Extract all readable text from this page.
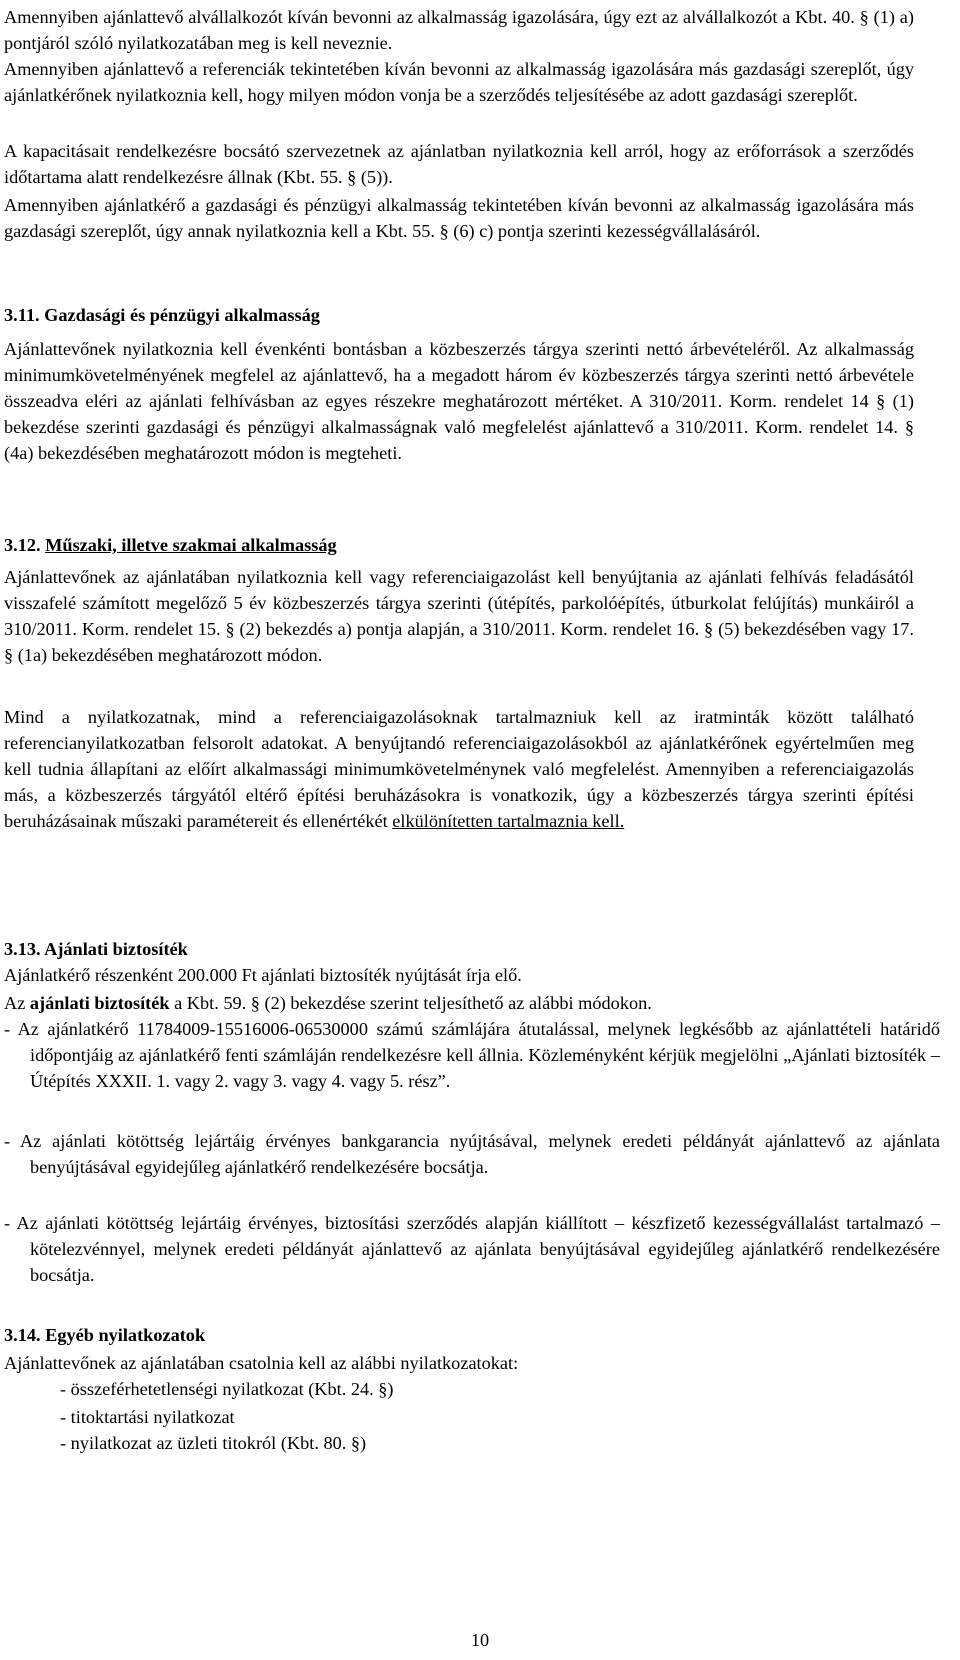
Amennyiben ajánlattevő alvállalkozót kíván bevonni az alkalmasság igazolására, úgy ezt az alvállalkozót a Kbt. 40. § (1) a) pontjáról szóló nyilatkozatában meg is kell neveznie.

Amennyiben ajánlattevő a referenciák tekintetében kíván bevonni az alkalmasság igazolására más gazdasági szereplőt, úgy ajánlatkérőnek nyilatkoznia kell, hogy milyen módon vonja be a szerződés teljesítésébe az adott gazdasági szereplőt.

A kapacitásait rendelkezésre bocsátó szervezetnek az ajánlatban nyilatkoznia kell arról, hogy az erőforrások a szerződés időtartama alatt rendelkezésre állnak (Kbt. 55. § (5)).

Amennyiben ajánlatkérő a gazdasági és pénzügyi alkalmasság tekintetében kíván bevonni az alkalmasság igazolására más gazdasági szereplőt, úgy annak nyilatkoznia kell a Kbt. 55. § (6) c) pontja szerinti kezességvállalásáról.

3.11. Gazdasági és pénzügyi alkalmasság

Ajánlattevőnek nyilatkoznia kell évenkénti bontásban a közbeszerzés tárgya szerinti nettó árbevételéről. Az alkalmasság minimumkövetelményének megfelel az ajánlattevő, ha a megadott három év közbeszerzés tárgya szerinti nettó árbevétele összeadva eléri az ajánlati felhívásban az egyes részekre meghatározott mértéket. A 310/2011. Korm. rendelet 14 § (1) bekezdése szerinti gazdasági és pénzügyi alkalmasságnak való megfelelést ajánlattevő a 310/2011. Korm. rendelet 14. § (4a) bekezdésében meghatározott módon is megteheti.

3.12. Műszaki, illetve szakmai alkalmasság

Ajánlattevőnek az ajánlatában nyilatkoznia kell vagy referenciaigazolást kell benyújtania az ajánlati felhívás feladásától visszafelé számított megelőző 5 év közbeszerzés tárgya szerinti (útépítés, parkolóépítés, útburkolat felújítás) munkáiról a 310/2011. Korm. rendelet 15. § (2) bekezdés a) pontja alapján, a 310/2011. Korm. rendelet 16. § (5) bekezdésében vagy 17. § (1a) bekezdésében meghatározott módon.

Mind a nyilatkozatnak, mind a referenciaigazolásoknak tartalmazniuk kell az iratminták között található referencianyilatkozatban felsorolt adatokat. A benyújtandó referenciaigazolásokból az ajánlatkérőnek egyértelműen meg kell tudnia állapítani az előírt alkalmassági minimumkövetelménynek való megfelelést. Amennyiben a referenciaigazolás más, a közbeszerzés tárgyától eltérő építési beruházásokra is vonatkozik, úgy a közbeszerzés tárgya szerinti építési beruházásainak műszaki paramétereit és ellenértékét elkülönítetten tartalmaznia kell.

3.13. Ajánlati biztosíték

Ajánlatkérő részenként 200.000 Ft ajánlati biztosíték nyújtását írja elő.

Az ajánlati biztosíték a Kbt. 59. § (2) bekezdése szerint teljesíthető az alábbi módokon.

- Az ajánlatkérő 11784009-15516006-06530000 számú számlájára átutalással, melynek legkésőbb az ajánlattételi határidő időpontjáig az ajánlatkérő fenti számláján rendelkezésre kell állnia. Közleményként kérjük megjelölni „Ajánlati biztosíték – Útépítés XXXII. 1. vagy 2. vagy 3. vagy 4. vagy 5. rész”.

- Az ajánlati kötöttség lejártáig érvényes bankgarancia nyújtásával, melynek eredeti példányát ajánlattevő az ajánlata benyújtásával egyidejűleg ajánlatkérő rendelkezésére bocsátja.

- Az ajánlati kötöttség lejártáig érvényes, biztosítási szerződés alapján kiállított – készfizető kezességvállalást tartalmazó – kötelezvénnyel, melynek eredeti példányát ajánlattevő az ajánlata benyújtásával egyidejűleg ajánlatkérő rendelkezésére bocsátja.

3.14. Egyéb nyilatkozatok

Ajánlattevőnek az ajánlatában csatolnia kell az alábbi nyilatkozatokat:

- összeférhetetlenségi nyilatkozat (Kbt. 24. §)

- titoktartási nyilatkozat

- nyilatkozat az üzleti titokról (Kbt. 80. §)

10
